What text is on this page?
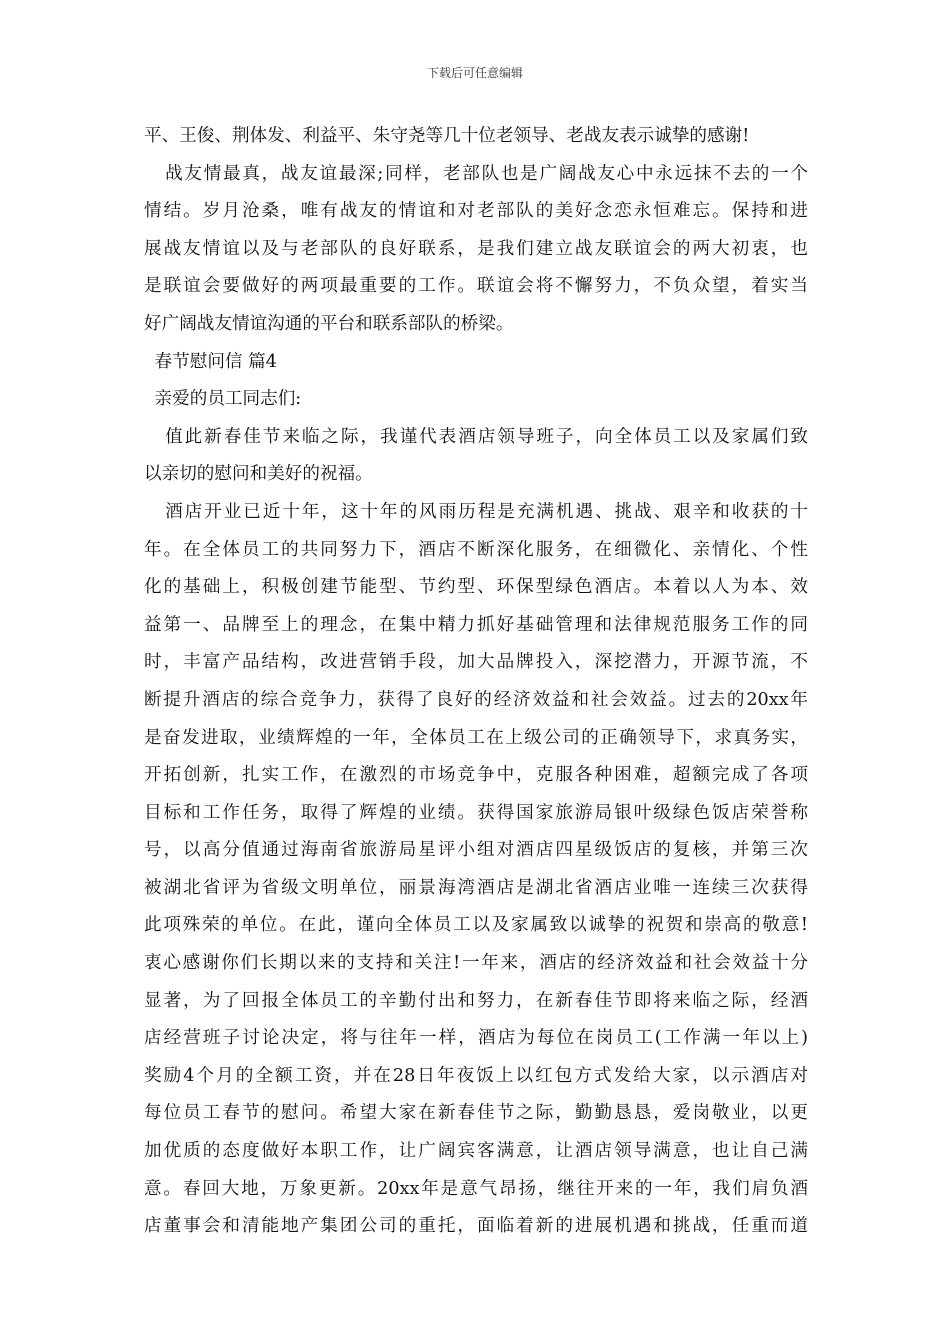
下载后可任意编辑
平、王俊、荆体发、利益平、朱守尧等几十位老领导、老战友表示诚挚的感谢!
战友情最真，战友谊最深;同样，老部队也是广阔战友心中永远抹不去的一个
情结。岁月沧桑，唯有战友的情谊和对老部队的美好念恋永恒难忘。保持和进
展战友情谊以及与老部队的良好联系，是我们建立战友联谊会的两大初衷，也
是联谊会要做好的两项最重要的工作。联谊会将不懈努力，不负众望，着实当
好广阔战友情谊沟通的平台和联系部队的桥梁。
春节慰问信 篇4
亲爱的员工同志们:
值此新春佳节来临之际，我谨代表酒店领导班子，向全体员工以及家属们致
以亲切的慰问和美好的祝福。
酒店开业已近十年，这十年的风雨历程是充满机遇、挑战、艰辛和收获的十
年。在全体员工的共同努力下，酒店不断深化服务，在细微化、亲情化、个性
化的基础上，积极创建节能型、节约型、环保型绿色酒店。本着以人为本、效
益第一、品牌至上的理念，在集中精力抓好基础管理和法律规范服务工作的同
时，丰富产品结构，改进营销手段，加大品牌投入，深挖潜力，开源节流，不
断提升酒店的综合竞争力，获得了良好的经济效益和社会效益。过去的20xx年
是奋发进取，业绩辉煌的一年，全体员工在上级公司的正确领导下，求真务实，
开拓创新，扎实工作，在激烈的市场竞争中，克服各种困难，超额完成了各项
目标和工作任务，取得了辉煌的业绩。获得国家旅游局银叶级绿色饭店荣誉称
号，以高分值通过海南省旅游局星评小组对酒店四星级饭店的复核，并第三次
被湖北省评为省级文明单位，丽景海湾酒店是湖北省酒店业唯一连续三次获得
此项殊荣的单位。在此，谨向全体员工以及家属致以诚挚的祝贺和崇高的敬意!
衷心感谢你们长期以来的支持和关注!一年来，酒店的经济效益和社会效益十分
显著，为了回报全体员工的辛勤付出和努力，在新春佳节即将来临之际，经酒
店经营班子讨论决定，将与往年一样，酒店为每位在岗员工(工作满一年以上)
奖励4个月的全额工资，并在28日年夜饭上以红包方式发给大家，以示酒店对
每位员工春节的慰问。希望大家在新春佳节之际，勤勤恳恳，爱岗敬业，以更
加优质的态度做好本职工作，让广阔宾客满意，让酒店领导满意，也让自己满
意。春回大地，万象更新。20xx年是意气昂扬，继往开来的一年，我们肩负酒
店董事会和清能地产集团公司的重托，面临着新的进展机遇和挑战，任重而道
